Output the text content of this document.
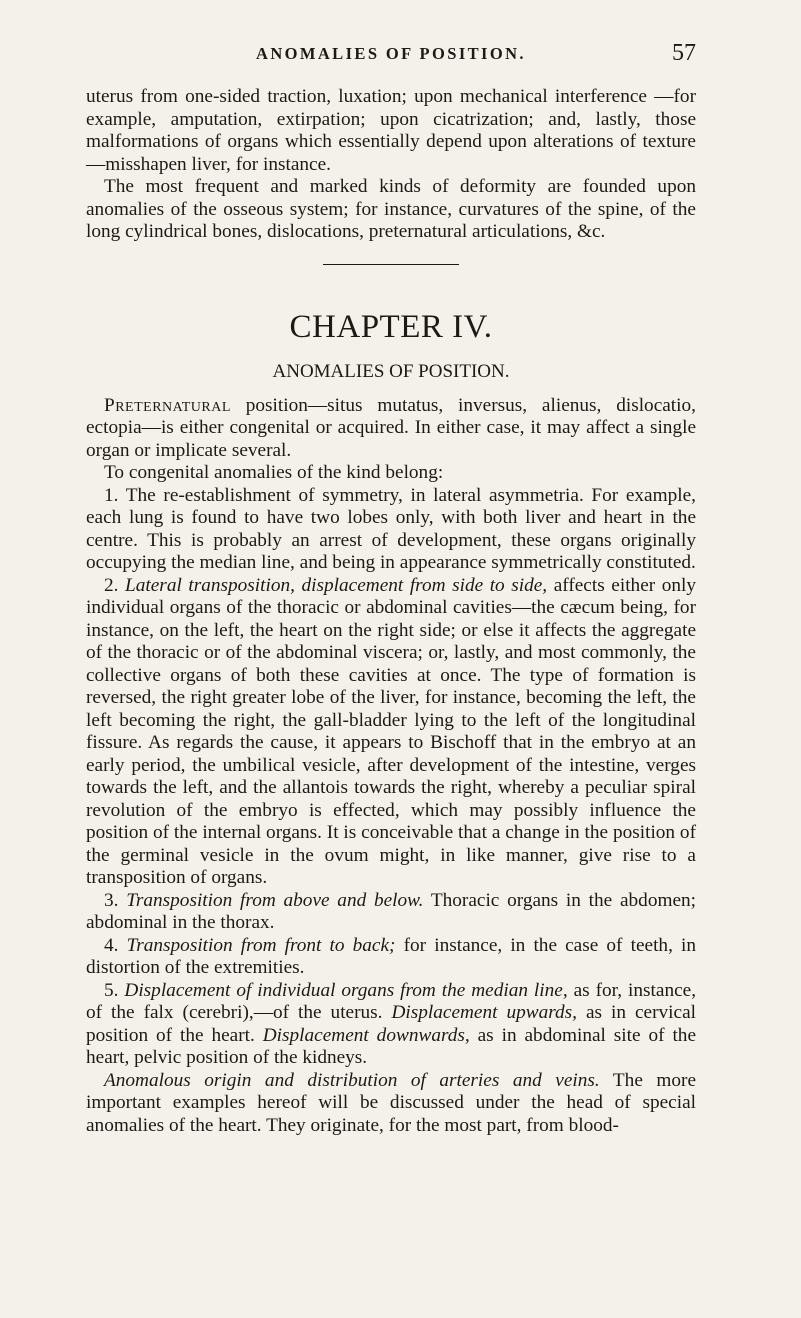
ANOMALIES OF POSITION.	57

uterus from one-sided traction, luxation; upon mechanical interference —for example, amputation, extirpation; upon cicatrization; and, lastly, those malformations of organs which essentially depend upon alterations of texture—misshapen liver, for instance.

The most frequent and marked kinds of deformity are founded upon anomalies of the osseous system; for instance, curvatures of the spine, of the long cylindrical bones, dislocations, preternatural articulations, &c.

CHAPTER IV.
ANOMALIES OF POSITION.

Preternatural position—situs mutatus, inversus, alienus, dislocatio, ectopia—is either congenital or acquired. In either case, it may affect a single organ or implicate several.

To congenital anomalies of the kind belong:

1. The re-establishment of symmetry, in lateral asymmetria. For example, each lung is found to have two lobes only, with both liver and heart in the centre. This is probably an arrest of development, these organs originally occupying the median line, and being in appearance symmetrically constituted.

2. Lateral transposition, displacement from side to side, affects either only individual organs of the thoracic or abdominal cavities—the cæcum being, for instance, on the left, the heart on the right side; or else it affects the aggregate of the thoracic or of the abdominal viscera; or, lastly, and most commonly, the collective organs of both these cavities at once. The type of formation is reversed, the right greater lobe of the liver, for instance, becoming the left, the left becoming the right, the gall-bladder lying to the left of the longitudinal fissure. As regards the cause, it appears to Bischoff that in the embryo at an early period, the umbilical vesicle, after development of the intestine, verges towards the left, and the allantois towards the right, whereby a peculiar spiral revolution of the embryo is effected, which may possibly influence the position of the internal organs. It is conceivable that a change in the position of the germinal vesicle in the ovum might, in like manner, give rise to a transposition of organs.

3. Transposition from above and below. Thoracic organs in the abdomen; abdominal in the thorax.

4. Transposition from front to back; for instance, in the case of teeth, in distortion of the extremities.

5. Displacement of individual organs from the median line, as for, instance, of the falx (cerebri),—of the uterus. Displacement upwards, as in cervical position of the heart. Displacement downwards, as in abdominal site of the heart, pelvic position of the kidneys.

Anomalous origin and distribution of arteries and veins. The more important examples hereof will be discussed under the head of special anomalies of the heart. They originate, for the most part, from blood-
